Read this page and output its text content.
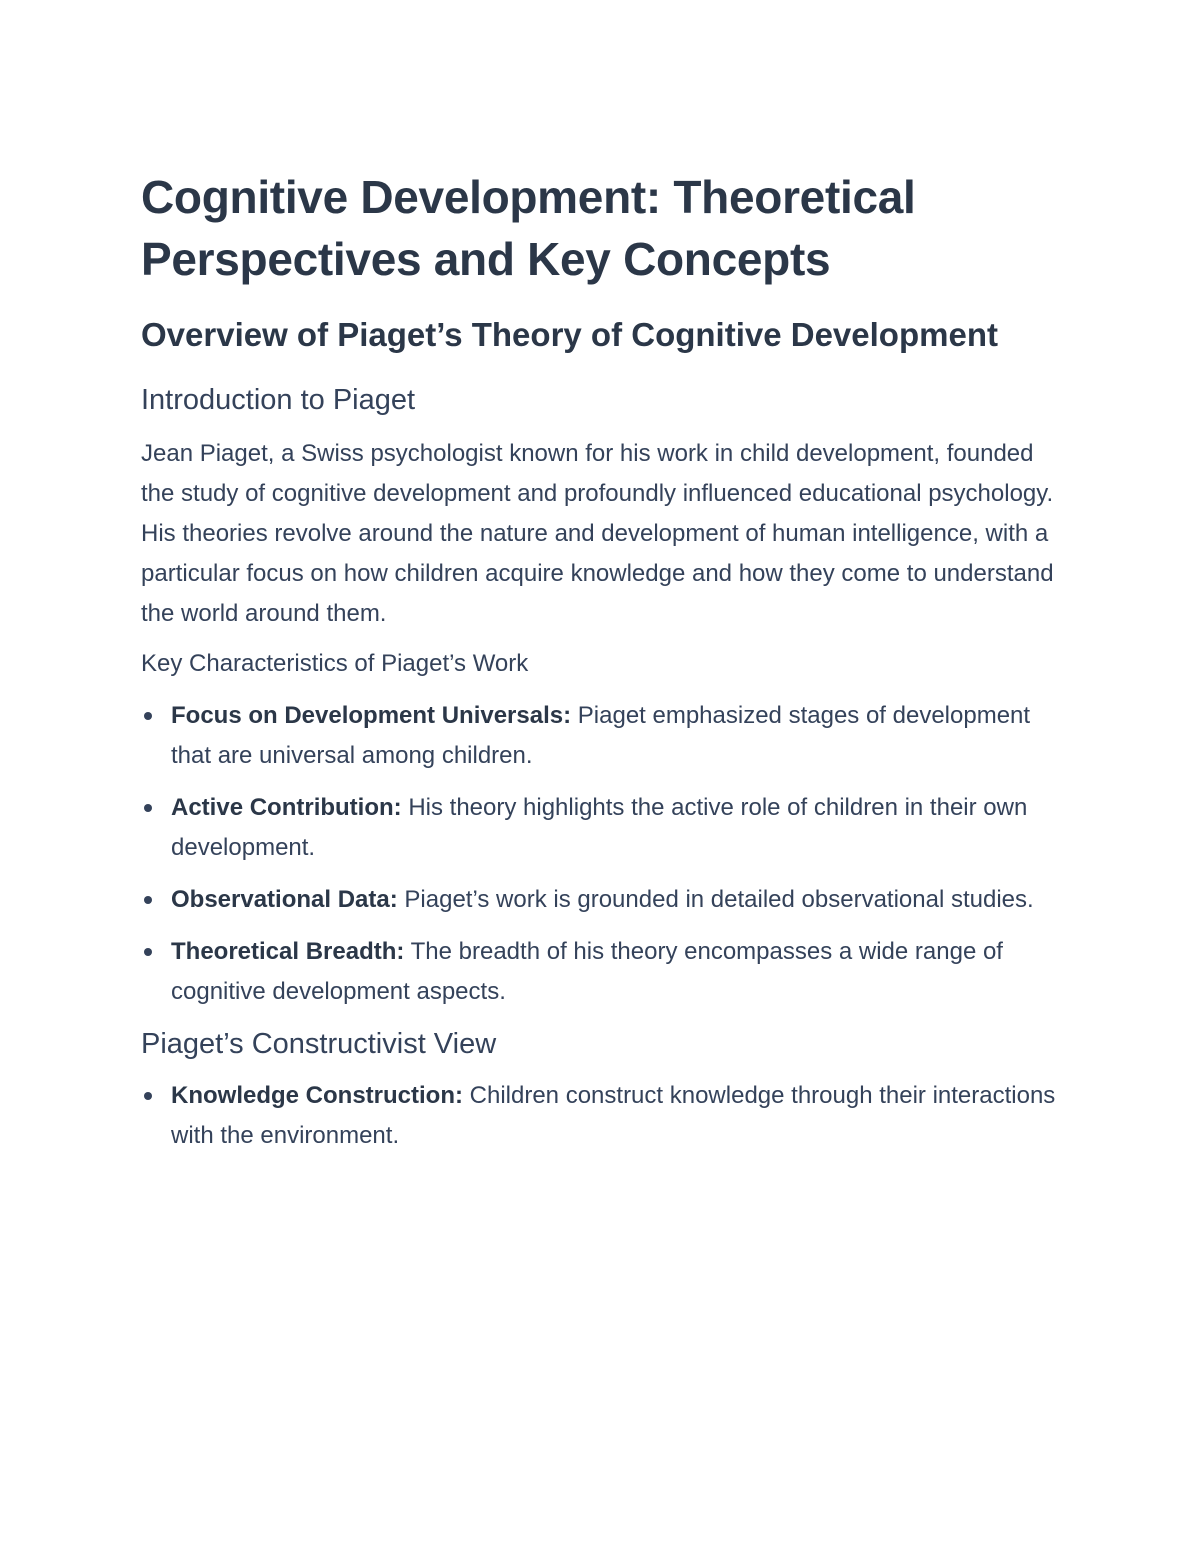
Cognitive Development: Theoretical Perspectives and Key Concepts
Overview of Piaget’s Theory of Cognitive Development
Introduction to Piaget

Jean Piaget, a Swiss psychologist known for his work in child development, founded the study of cognitive development and profoundly influenced educational psychology. His theories revolve around the nature and development of human intelligence, with a particular focus on how children acquire knowledge and how they come to understand the world around them.

Key Characteristics of Piaget’s Work
Focus on Development Universals: Piaget emphasized stages of development that are universal among children.
Active Contribution: His theory highlights the active role of children in their own development.
Observational Data: Piaget’s work is grounded in detailed observational studies.
Theoretical Breadth: The breadth of his theory encompasses a wide range of cognitive development aspects.
Piaget’s Constructivist View
Knowledge Construction: Children construct knowledge through their interactions with the environment.
